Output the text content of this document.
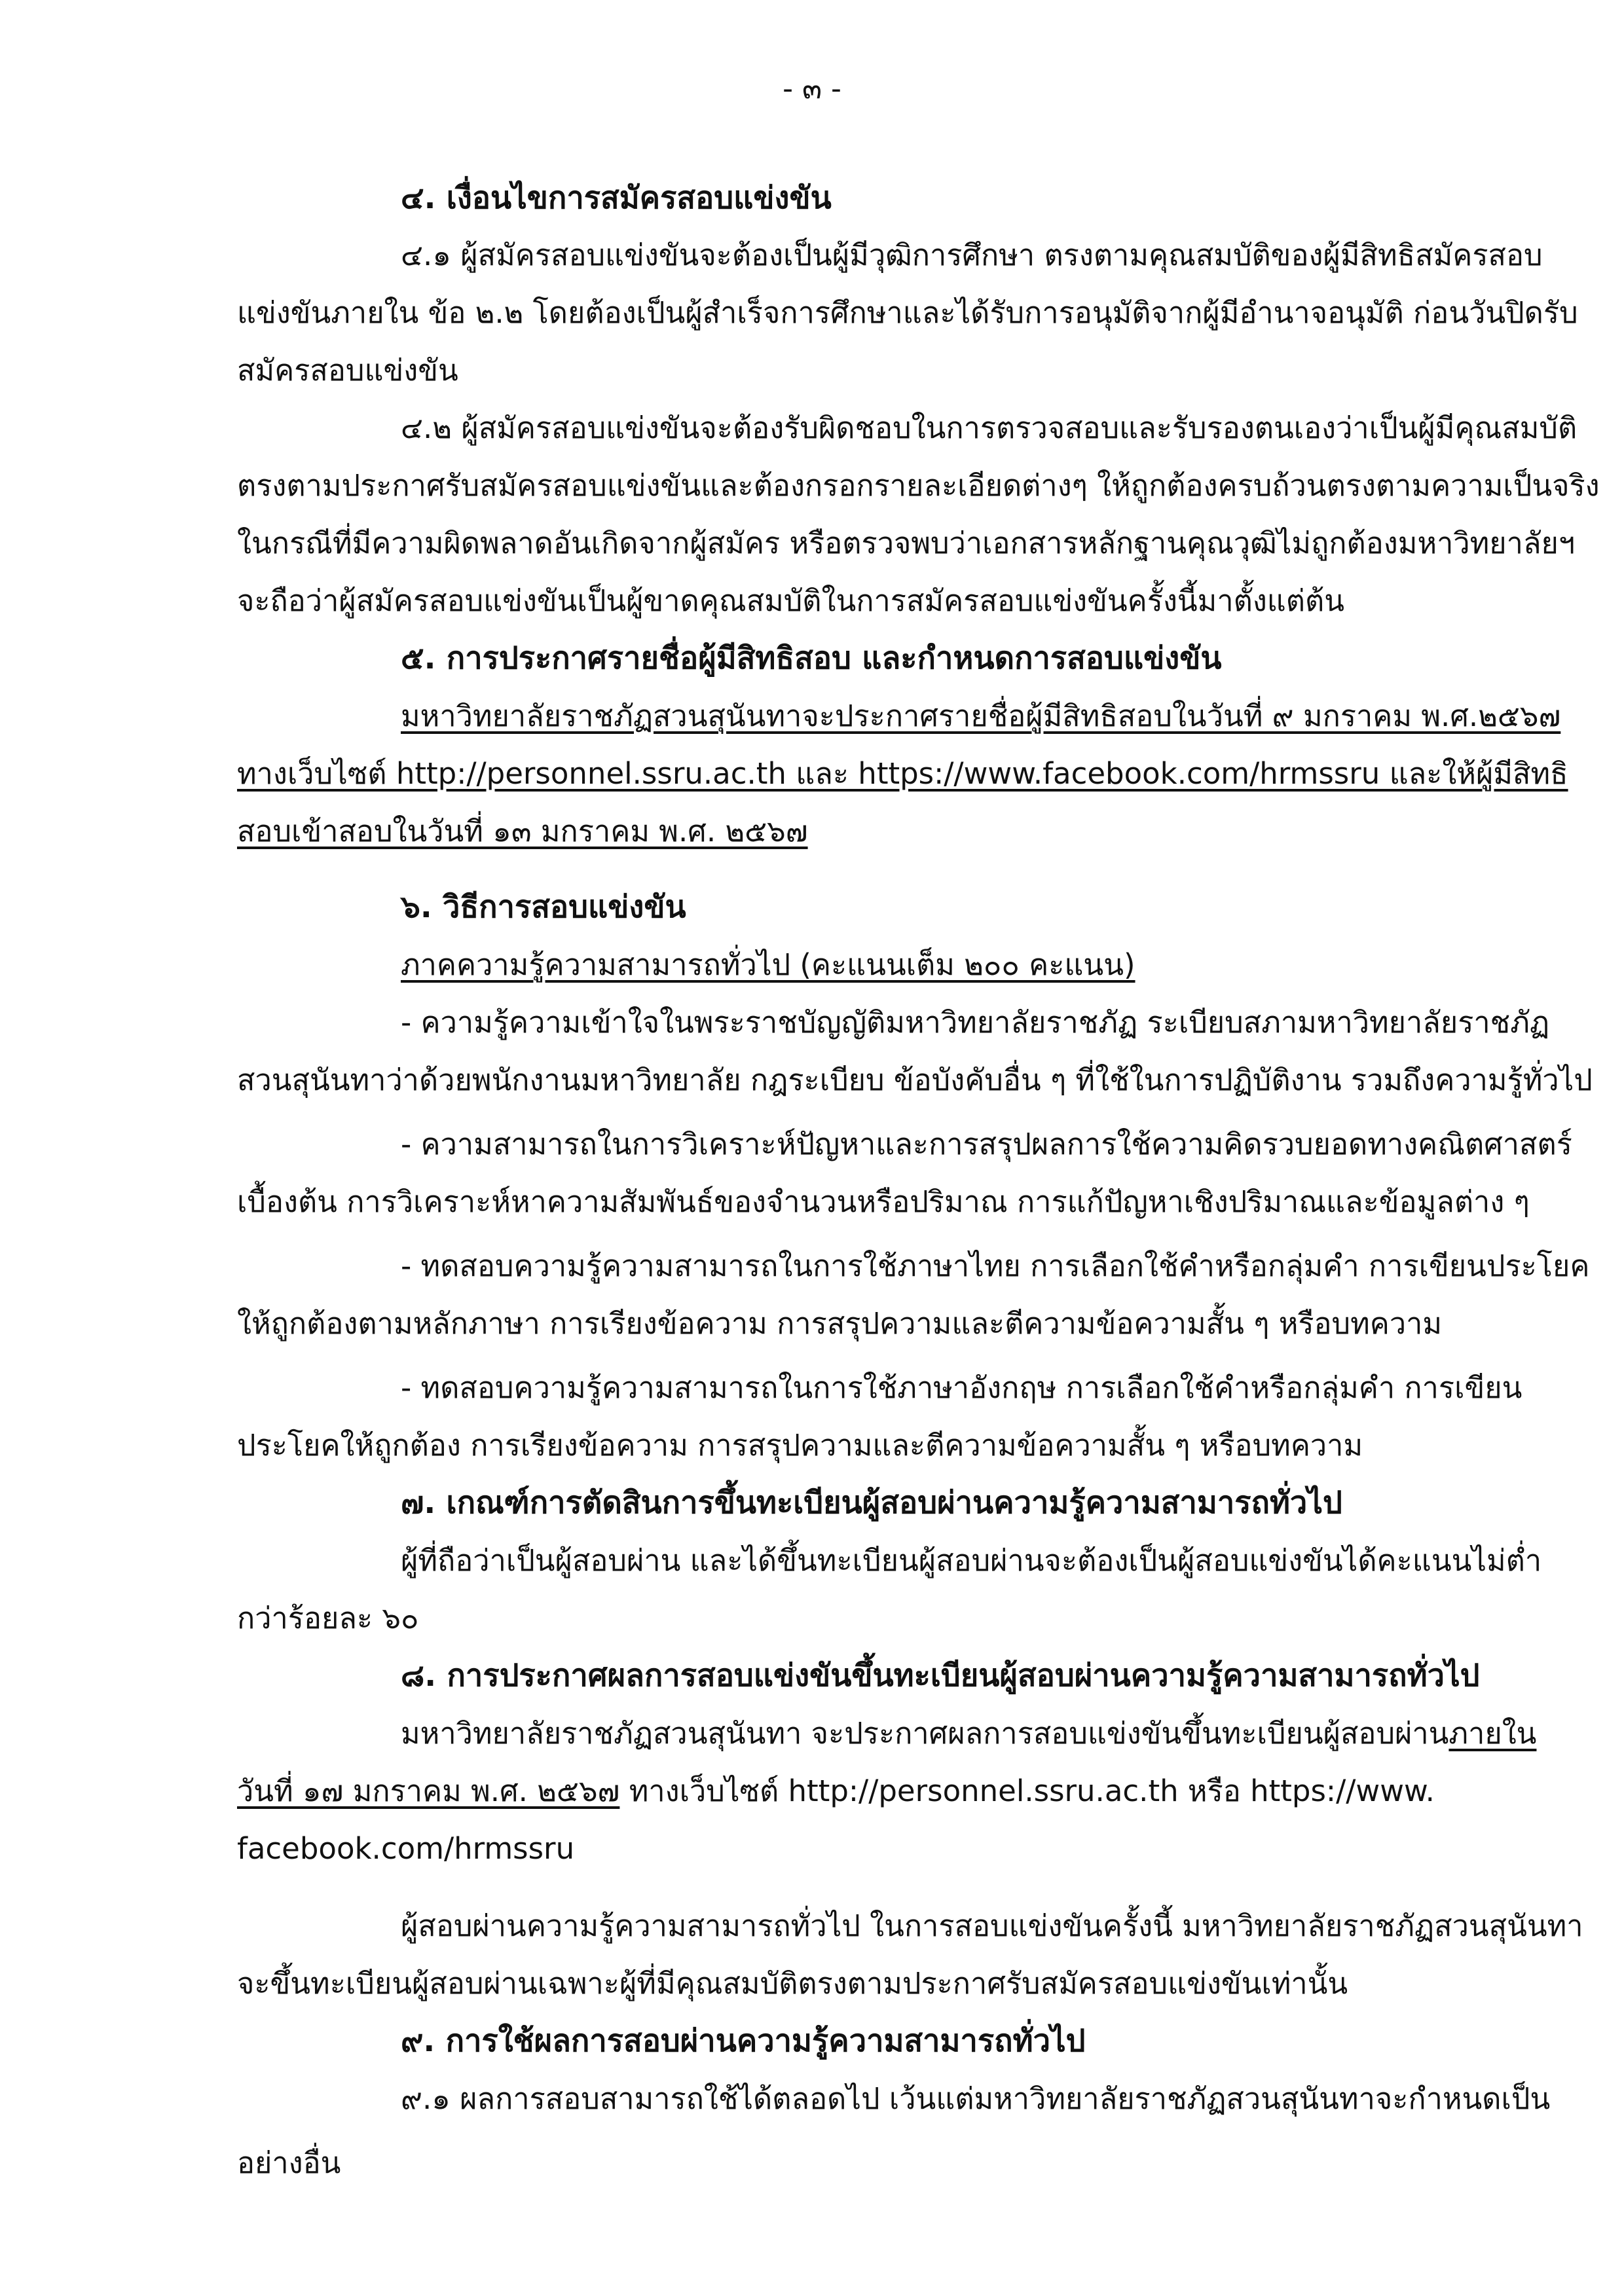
- ๓ -

๔. เงื่อนไขการสมัครสอบแข่งขัน

๔.๑ ผู้สมัครสอบแข่งขันจะต้องเป็นผู้มีวุฒิการศึกษา ตรงตามคุณสมบัติของผู้มีสิทธิสมัครสอบ

แข่งขันภายใน ข้อ ๒.๒ โดยต้องเป็นผู้สำเร็จการศึกษาและได้รับการอนุมัติจากผู้มีอำนาจอนุมัติ ก่อนวันปิดรับ

สมัครสอบแข่งขัน

๔.๒ ผู้สมัครสอบแข่งขันจะต้องรับผิดชอบในการตรวจสอบและรับรองตนเองว่าเป็นผู้มีคุณสมบัติ

ตรงตามประกาศรับสมัครสอบแข่งขันและต้องกรอกรายละเอียดต่างๆ ให้ถูกต้องครบถ้วนตรงตามความเป็นจริง

ในกรณีที่มีความผิดพลาดอันเกิดจากผู้สมัคร หรือตรวจพบว่าเอกสารหลักฐานคุณวุฒิไม่ถูกต้องมหาวิทยาลัยฯ

จะถือว่าผู้สมัครสอบแข่งขันเป็นผู้ขาดคุณสมบัติในการสมัครสอบแข่งขันครั้งนี้มาตั้งแต่ต้น

๕. การประกาศรายชื่อผู้มีสิทธิสอบ และกำหนดการสอบแข่งขัน

มหาวิทยาลัยราชภัฏสวนสุนันทาจะประกาศรายชื่อผู้มีสิทธิสอบในวันที่ ๙ มกราคม พ.ศ.๒๕๖๗

ทางเว็บไซต์ http://personnel.ssru.ac.th และ https://www.facebook.com/hrmssru และให้ผู้มีสิทธิ

สอบเข้าสอบในวันที่ ๑๓ มกราคม พ.ศ. ๒๕๖๗

๖. วิธีการสอบแข่งขัน

ภาคความรู้ความสามารถทั่วไป (คะแนนเต็ม ๒๐๐ คะแนน)

- ความรู้ความเข้าใจในพระราชบัญญัติมหาวิทยาลัยราชภัฏ ระเบียบสภามหาวิทยาลัยราชภัฏ

สวนสุนันทาว่าด้วยพนักงานมหาวิทยาลัย กฎระเบียบ ข้อบังคับอื่น ๆ ที่ใช้ในการปฏิบัติงาน รวมถึงความรู้ทั่วไป

- ความสามารถในการวิเคราะห์ปัญหาและการสรุปผลการใช้ความคิดรวบยอดทางคณิตศาสตร์

เบื้องต้น การวิเคราะห์หาความสัมพันธ์ของจำนวนหรือปริมาณ การแก้ปัญหาเชิงปริมาณและข้อมูลต่าง ๆ

- ทดสอบความรู้ความสามารถในการใช้ภาษาไทย การเลือกใช้คำหรือกลุ่มคำ การเขียนประโยค

ให้ถูกต้องตามหลักภาษา การเรียงข้อความ การสรุปความและตีความข้อความสั้น ๆ หรือบทความ

- ทดสอบความรู้ความสามารถในการใช้ภาษาอังกฤษ การเลือกใช้คำหรือกลุ่มคำ การเขียน

ประโยคให้ถูกต้อง การเรียงข้อความ การสรุปความและตีความข้อความสั้น ๆ หรือบทความ

๗. เกณฑ์การตัดสินการขึ้นทะเบียนผู้สอบผ่านความรู้ความสามารถทั่วไป

ผู้ที่ถือว่าเป็นผู้สอบผ่าน และได้ขึ้นทะเบียนผู้สอบผ่านจะต้องเป็นผู้สอบแข่งขันได้คะแนนไม่ต่ำ

กว่าร้อยละ ๖๐

๘. การประกาศผลการสอบแข่งขันขึ้นทะเบียนผู้สอบผ่านความรู้ความสามารถทั่วไป

มหาวิทยาลัยราชภัฏสวนสุนันทา จะประกาศผลการสอบแข่งขันขึ้นทะเบียนผู้สอบผ่านภายใน

วันที่ ๑๗ มกราคม พ.ศ. ๒๕๖๗ ทางเว็บไซต์ http://personnel.ssru.ac.th หรือ https://www.

facebook.com/hrmssru

ผู้สอบผ่านความรู้ความสามารถทั่วไป ในการสอบแข่งขันครั้งนี้ มหาวิทยาลัยราชภัฏสวนสุนันทา

จะขึ้นทะเบียนผู้สอบผ่านเฉพาะผู้ที่มีคุณสมบัติตรงตามประกาศรับสมัครสอบแข่งขันเท่านั้น

๙. การใช้ผลการสอบผ่านความรู้ความสามารถทั่วไป

๙.๑ ผลการสอบสามารถใช้ได้ตลอดไป เว้นแต่มหาวิทยาลัยราชภัฏสวนสุนันทาจะกำหนดเป็น

อย่างอื่น
